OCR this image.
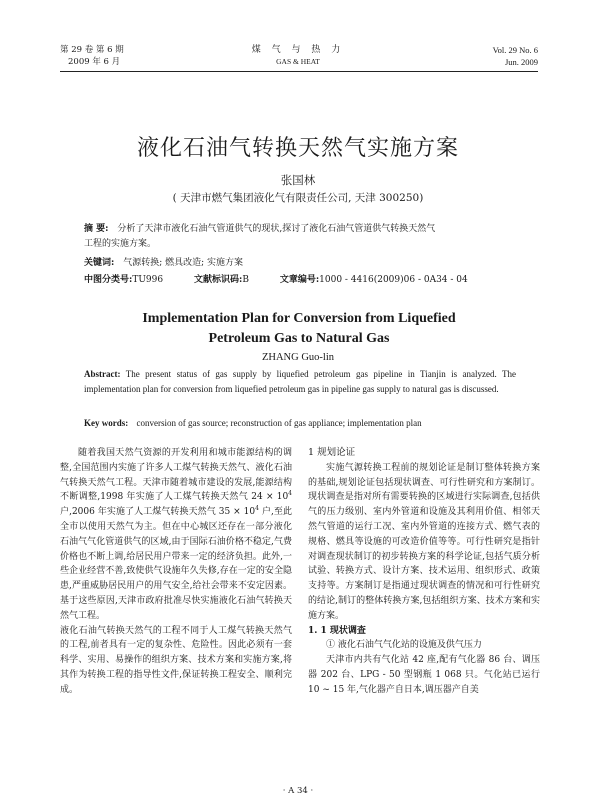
第 29 卷 第 6 期
2009 年 6 月
煤 气 与 热 力
GAS & HEAT
Vol. 29 No. 6
Jun. 2009
液化石油气转换天然气实施方案
张国林
( 天津市燃气集团液化气有限责任公司, 天津 300250)
摘 要: 分析了天津市液化石油气管道供气的现状,探讨了液化石油气管道供气转换天然气
工程的实施方案。
关键词: 气源转换; 燃具改造; 实施方案
中图分类号:TU996	文献标识码:B	文章编号:1000 - 4416(2009)06 - 0A34 - 04
Implementation Plan for Conversion from Liquefied
Petroleum Gas to Natural Gas
ZHANG Guo-lin
Abstract: The present status of gas supply by liquefied petroleum gas pipeline in Tianjin is analyzed. The implementation plan for conversion from liquefied petroleum gas in pipeline gas supply to natural gas is discussed.
Key words: conversion of gas source; reconstruction of gas appliance; implementation plan

随着我国天然气资源的开发利用和城市能源结构的调整,全国范围内实施了许多人工煤气转换天然气、液化石油气转换天然气工程。天津市随着城市建设的发展,能源结构不断调整,1998 年实施了人工煤气转换天然气 $24 \times 10^4$ 户,2006 年实施了人工煤气转换天然气 $35 \times 10^4$ 户,至此全市以使用天然气为主。但在中心城区还存在一部分液化石油气气化管道供气的区域,由于国际石油价格不稳定,气费价格也不断上调,给居民用户带来一定的经济负担。此外,一些企业经营不善,致使供气设施年久失修,存在一定的安全隐患,严重威胁居民用户的用气安全,给社会带来不安定因素。基于这些原因,天津市政府批准尽快实施液化石油气转换天然气工程。

液化石油气转换天然气的工程不同于人工煤气转换天然气的工程,前者具有一定的复杂性、危险性。因此必须有一套科学、实用、易操作的组织方案、技术方案和实施方案,将其作为转换工程的指导性文件,保证转换工程安全、顺利完成。

1 规划论证

实施气源转换工程前的规划论证是制订整体转换方案的基础,规划论证包括现状调查、可行性研究和方案制订。现状调查是指对所有需要转换的区域进行实际调查,包括供气的压力级别、室内外管道和设施及其利用价值、相邻天然气管道的运行工况、室内外管道的连接方式、燃气表的规格、燃具等设施的可改造价值等等。可行性研究是指针对调查现状制订的初步转换方案的科学论证,包括气质分析试验、转换方式、设计方案、技术运用、组织形式、政策支持等。方案制订是指通过现状调查的情况和可行性研究的结论,制订的整体转换方案,包括组织方案、技术方案和实施方案。

1. 1 现状调查

① 液化石油气气化站的设施及供气压力

天津市内共有气化站 42 座,配有气化器 86 台、调压器 202 台、LPG - 50 型钢瓶 1 068 只。气化站已运行 10 ~ 15 年,气化器产自日本,调压器产自美

· A 34 ·
